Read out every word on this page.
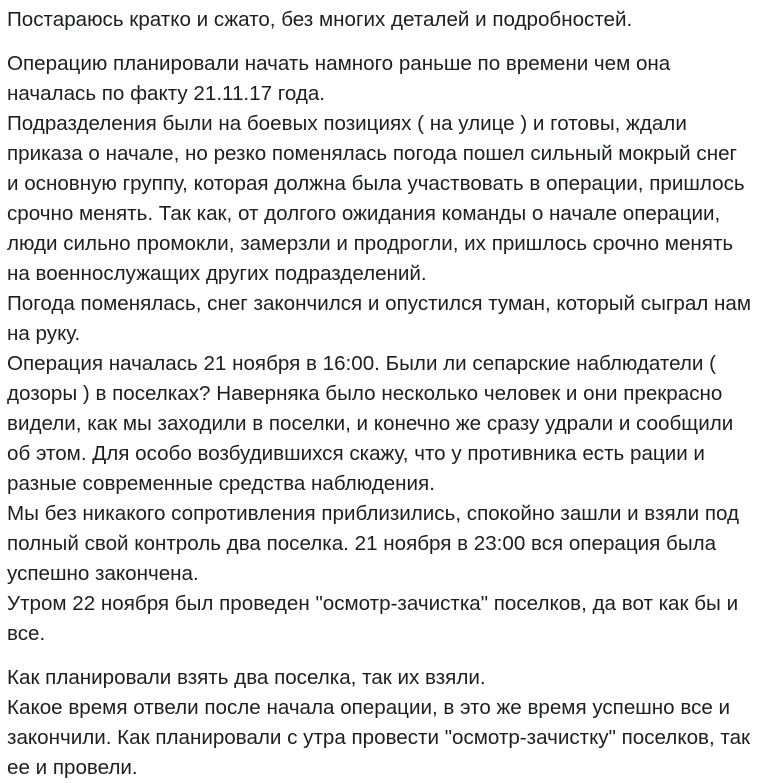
Постараюсь кратко и сжато, без многих деталей и подробностей.

Операцию планировали начать намного раньше по времени чем она началась по факту 21.11.17 года.
Подразделения были на боевых позициях ( на улице ) и готовы, ждали приказа о начале, но резко поменялась погода пошел сильный мокрый снег и основную группу, которая должна была участвовать в операции, пришлось срочно менять. Так как, от долгого ожидания команды о начале операции, люди сильно промокли, замерзли и продрогли, их пришлось срочно менять на военнослужащих других подразделений.
Погода поменялась, снег закончился и опустился туман, который сыграл нам на руку.
Операция началась 21 ноября в 16:00. Были ли сепарские наблюдатели ( дозоры ) в поселках? Наверняка было несколько человек и они прекрасно видели, как мы заходили в поселки, и конечно же сразу удрали и сообщили об этом. Для особо возбудившихся скажу, что у противника есть рации и разные современные средства наблюдения.
Мы без никакого сопротивления приблизились, спокойно зашли и взяли под полный свой контроль два поселка. 21 ноября в 23:00 вся операция была успешно закончена.
Утром 22 ноября был проведен "осмотр-зачистка" поселков, да вот как бы и все.

Как планировали взять два поселка, так их взяли.
Какое время отвели после начала операции, в это же время успешно все и закончили. Как планировали с утра провести "осмотр-зачистку" поселков, так ее и провели.
